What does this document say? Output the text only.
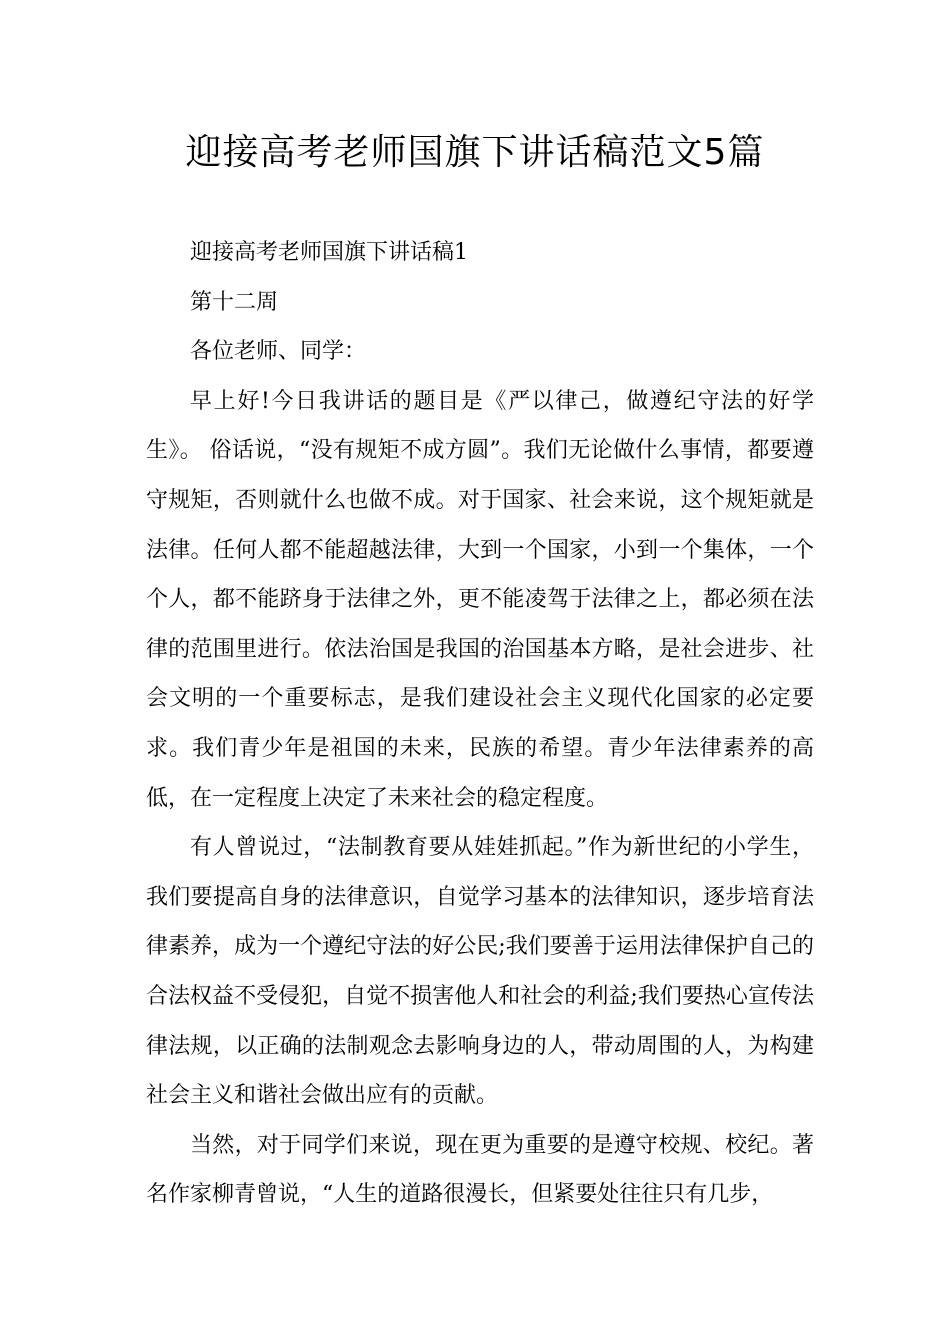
迎接高考老师国旗下讲话稿范文5篇

迎接高考老师国旗下讲话稿1

第十二周

各位老师、同学：

早上好!今日我讲话的题目是《严以律己，做遵纪守法的好学生》。 俗话说，“没有规矩不成方圆”。我们无论做什么事情，都要遵守规矩，否则就什么也做不成。对于国家、社会来说，这个规矩就是法律。任何人都不能超越法律，大到一个国家，小到一个集体，一个个人，都不能跻身于法律之外，更不能凌驾于法律之上，都必须在法律的范围里进行。依法治国是我国的治国基本方略，是社会进步、社会文明的一个重要标志，是我们建设社会主义现代化国家的必定要求。我们青少年是祖国的未来，民族的希望。青少年法律素养的高低，在一定程度上决定了未来社会的稳定程度。

有人曾说过，“法制教育要从娃娃抓起。”作为新世纪的小学生，我们要提高自身的法律意识，自觉学习基本的法律知识，逐步培育法律素养，成为一个遵纪守法的好公民;我们要善于运用法律保护自己的合法权益不受侵犯，自觉不损害他人和社会的利益;我们要热心宣传法律法规，以正确的法制观念去影响身边的人，带动周围的人，为构建社会主义和谐社会做出应有的贡献。

当然，对于同学们来说，现在更为重要的是遵守校规、校纪。著名作家柳青曾说，“人生的道路很漫长，但紧要处往往只有几步，
